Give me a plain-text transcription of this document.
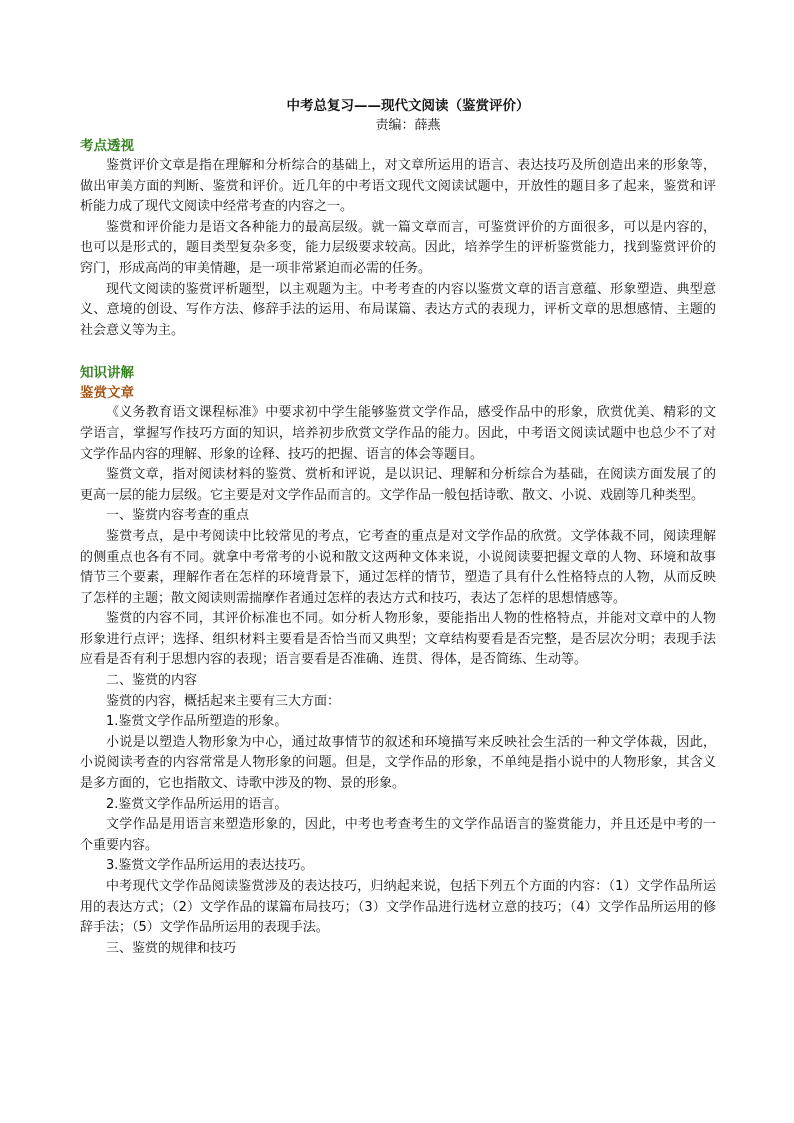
中考总复习——现代文阅读（鉴赏评价）
责编：薛燕
考点透视

鉴赏评价文章是指在理解和分析综合的基础上，对文章所运用的语言、表达技巧及所创造出来的形象等，做出审美方面的判断、鉴赏和评价。近几年的中考语文现代文阅读试题中，开放性的题目多了起来，鉴赏和评析能力成了现代文阅读中经常考查的内容之一。

鉴赏和评价能力是语文各种能力的最高层级。就一篇文章而言，可鉴赏评价的方面很多，可以是内容的，也可以是形式的，题目类型复杂多变，能力层级要求较高。因此，培养学生的评析鉴赏能力，找到鉴赏评价的窍门，形成高尚的审美情趣，是一项非常紧迫而必需的任务。

现代文阅读的鉴赏评析题型，以主观题为主。中考考查的内容以鉴赏文章的语言意蕴、形象塑造、典型意义、意境的创设、写作方法、修辞手法的运用、布局谋篇、表达方式的表现力，评析文章的思想感情、主题的社会意义等为主。

知识讲解
鉴赏文章

《义务教育语文课程标准》中要求初中学生能够鉴赏文学作品，感受作品中的形象，欣赏优美、精彩的文学语言，掌握写作技巧方面的知识，培养初步欣赏文学作品的能力。因此，中考语文阅读试题中也总少不了对文学作品内容的理解、形象的诠释、技巧的把握、语言的体会等题目。

鉴赏文章，指对阅读材料的鉴赏、赏析和评说，是以识记、理解和分析综合为基础，在阅读方面发展了的更高一层的能力层级。它主要是对文学作品而言的。文学作品一般包括诗歌、散文、小说、戏剧等几种类型。

一、鉴赏内容考查的重点

鉴赏考点，是中考阅读中比较常见的考点，它考查的重点是对文学作品的欣赏。文学体裁不同，阅读理解的侧重点也各有不同。就拿中考常考的小说和散文这两种文体来说，小说阅读要把握文章的人物、环境和故事情节三个要素，理解作者在怎样的环境背景下，通过怎样的情节，塑造了具有什么性格特点的人物，从而反映了怎样的主题；散文阅读则需揣摩作者通过怎样的表达方式和技巧，表达了怎样的思想情感等。

鉴赏的内容不同，其评价标准也不同。如分析人物形象，要能指出人物的性格特点，并能对文章中的人物形象进行点评；选择、组织材料主要看是否恰当而又典型；文章结构要看是否完整，是否层次分明；表现手法应看是否有利于思想内容的表现；语言要看是否准确、连贯、得体，是否简练、生动等。

二、鉴赏的内容

鉴赏的内容，概括起来主要有三大方面：

1.鉴赏文学作品所塑造的形象。

小说是以塑造人物形象为中心，通过故事情节的叙述和环境描写来反映社会生活的一种文学体裁，因此，小说阅读考查的内容常常是人物形象的问题。但是，文学作品的形象，不单纯是指小说中的人物形象，其含义是多方面的，它也指散文、诗歌中涉及的物、景的形象。

2.鉴赏文学作品所运用的语言。

文学作品是用语言来塑造形象的，因此，中考也考查考生的文学作品语言的鉴赏能力，并且还是中考的一个重要内容。

3.鉴赏文学作品所运用的表达技巧。

中考现代文学作品阅读鉴赏涉及的表达技巧，归纳起来说，包括下列五个方面的内容：（1）文学作品所运用的表达方式；（2）文学作品的谋篇布局技巧；（3）文学作品进行选材立意的技巧；（4）文学作品所运用的修辞手法；（5）文学作品所运用的表现手法。

三、鉴赏的规律和技巧
